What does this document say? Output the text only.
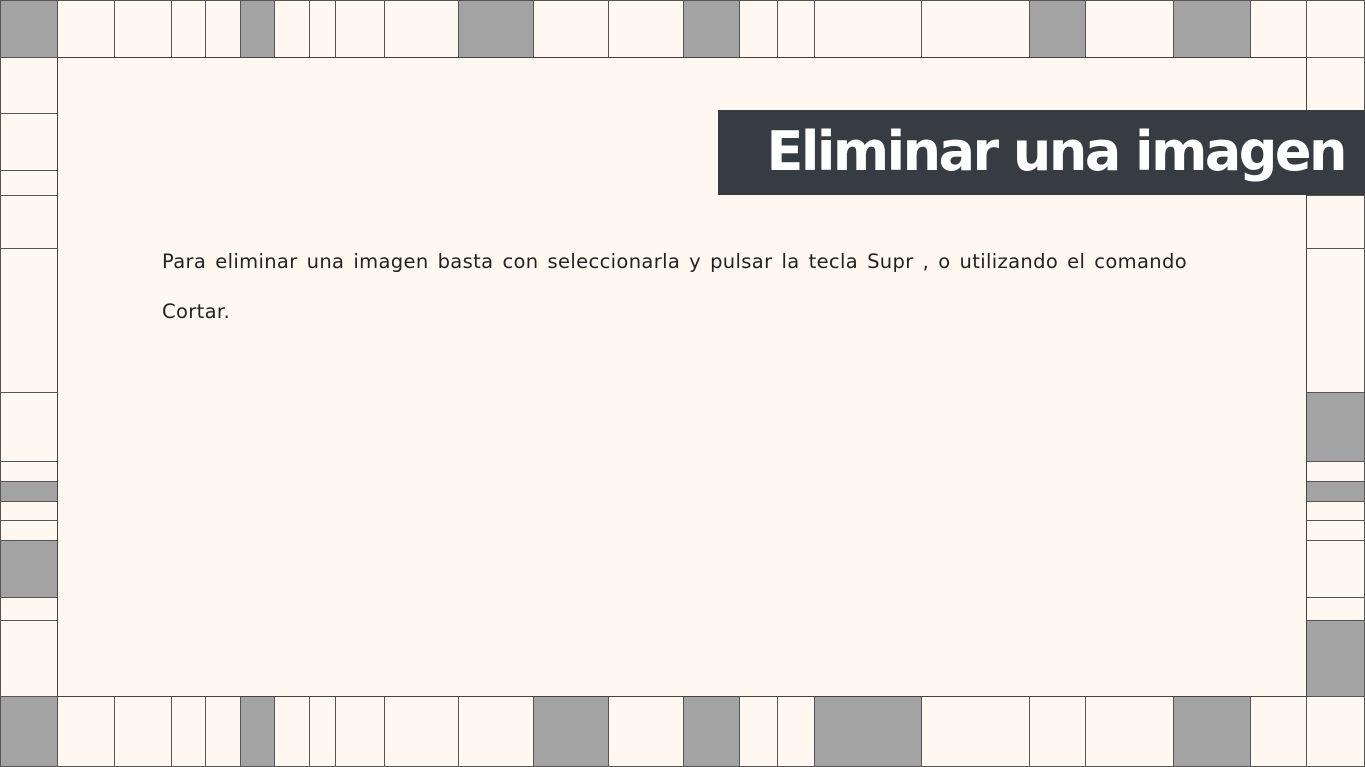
Eliminar una imagen

Para eliminar una imagen basta con seleccionarla y pulsar la tecla Supr , o utilizando el comando Cortar.
